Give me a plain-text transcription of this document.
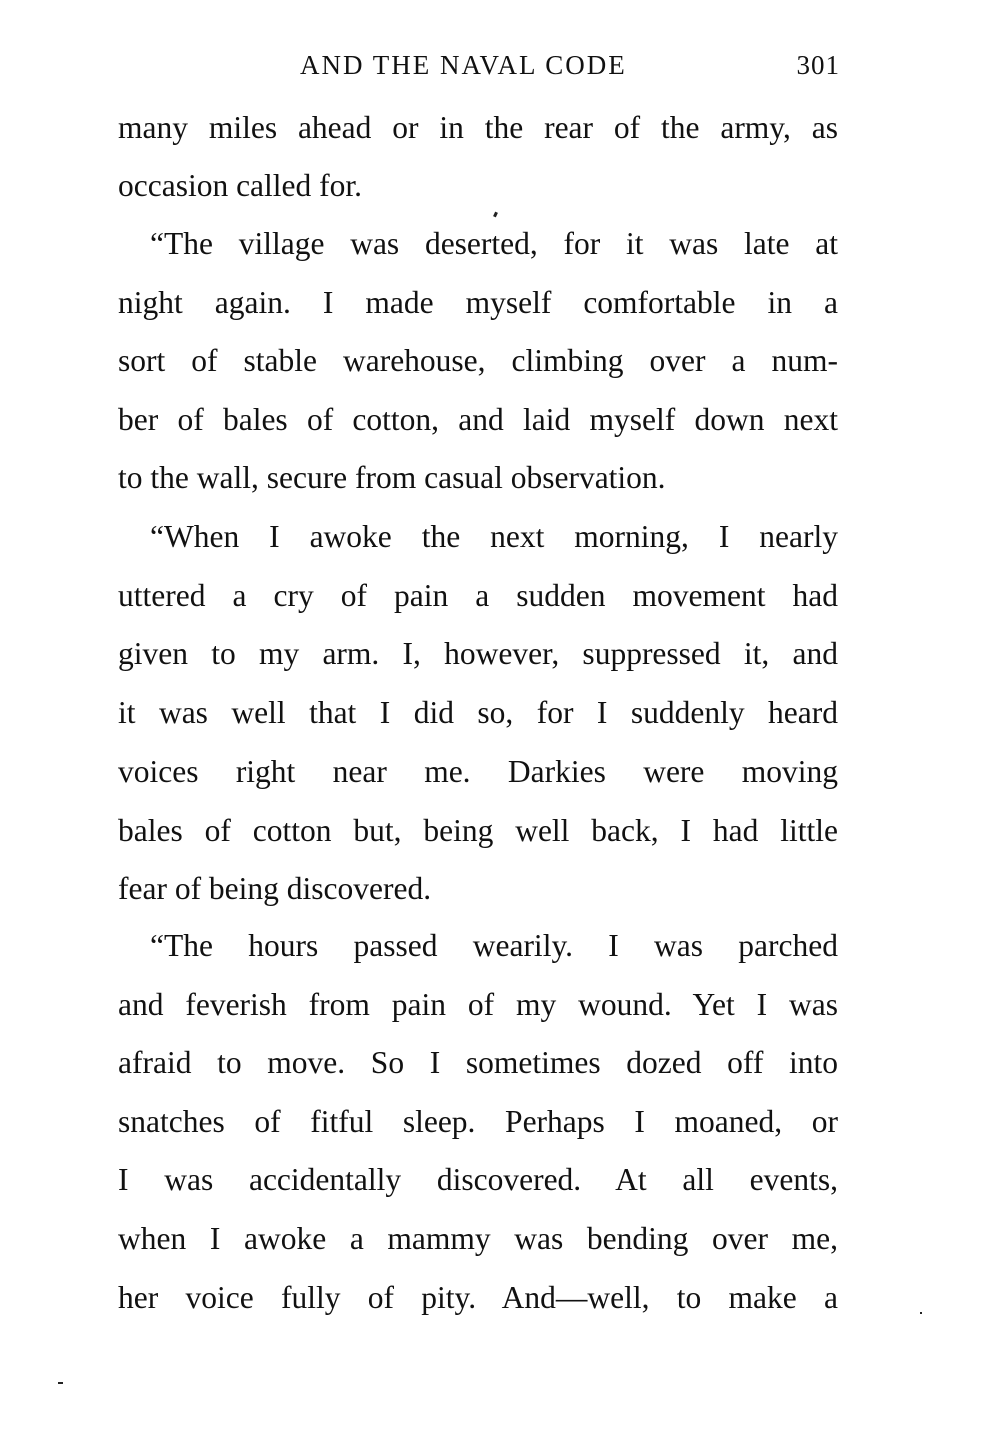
AND THE NAVAL CODE	301
many miles ahead or in the rear of the army, as
occasion called for.
“The village was deserted, for it was late at
night again. I made myself comfortable in a
sort of stable warehouse, climbing over a num-
ber of bales of cotton, and laid myself down next
to the wall, secure from casual observation.
“When I awoke the next morning, I nearly
uttered a cry of pain a sudden movement had
given to my arm. I, however, suppressed it, and
it was well that I did so, for I suddenly heard
voices right near me. Darkies were moving
bales of cotton but, being well back, I had little
fear of being discovered.
“The hours passed wearily. I was parched
and feverish from pain of my wound. Yet I was
afraid to move. So I sometimes dozed off into
snatches of fitful sleep. Perhaps I moaned, or
I was accidentally discovered. At all events,
when I awoke a mammy was bending over me,
her voice fully of pity. And—well, to make a
